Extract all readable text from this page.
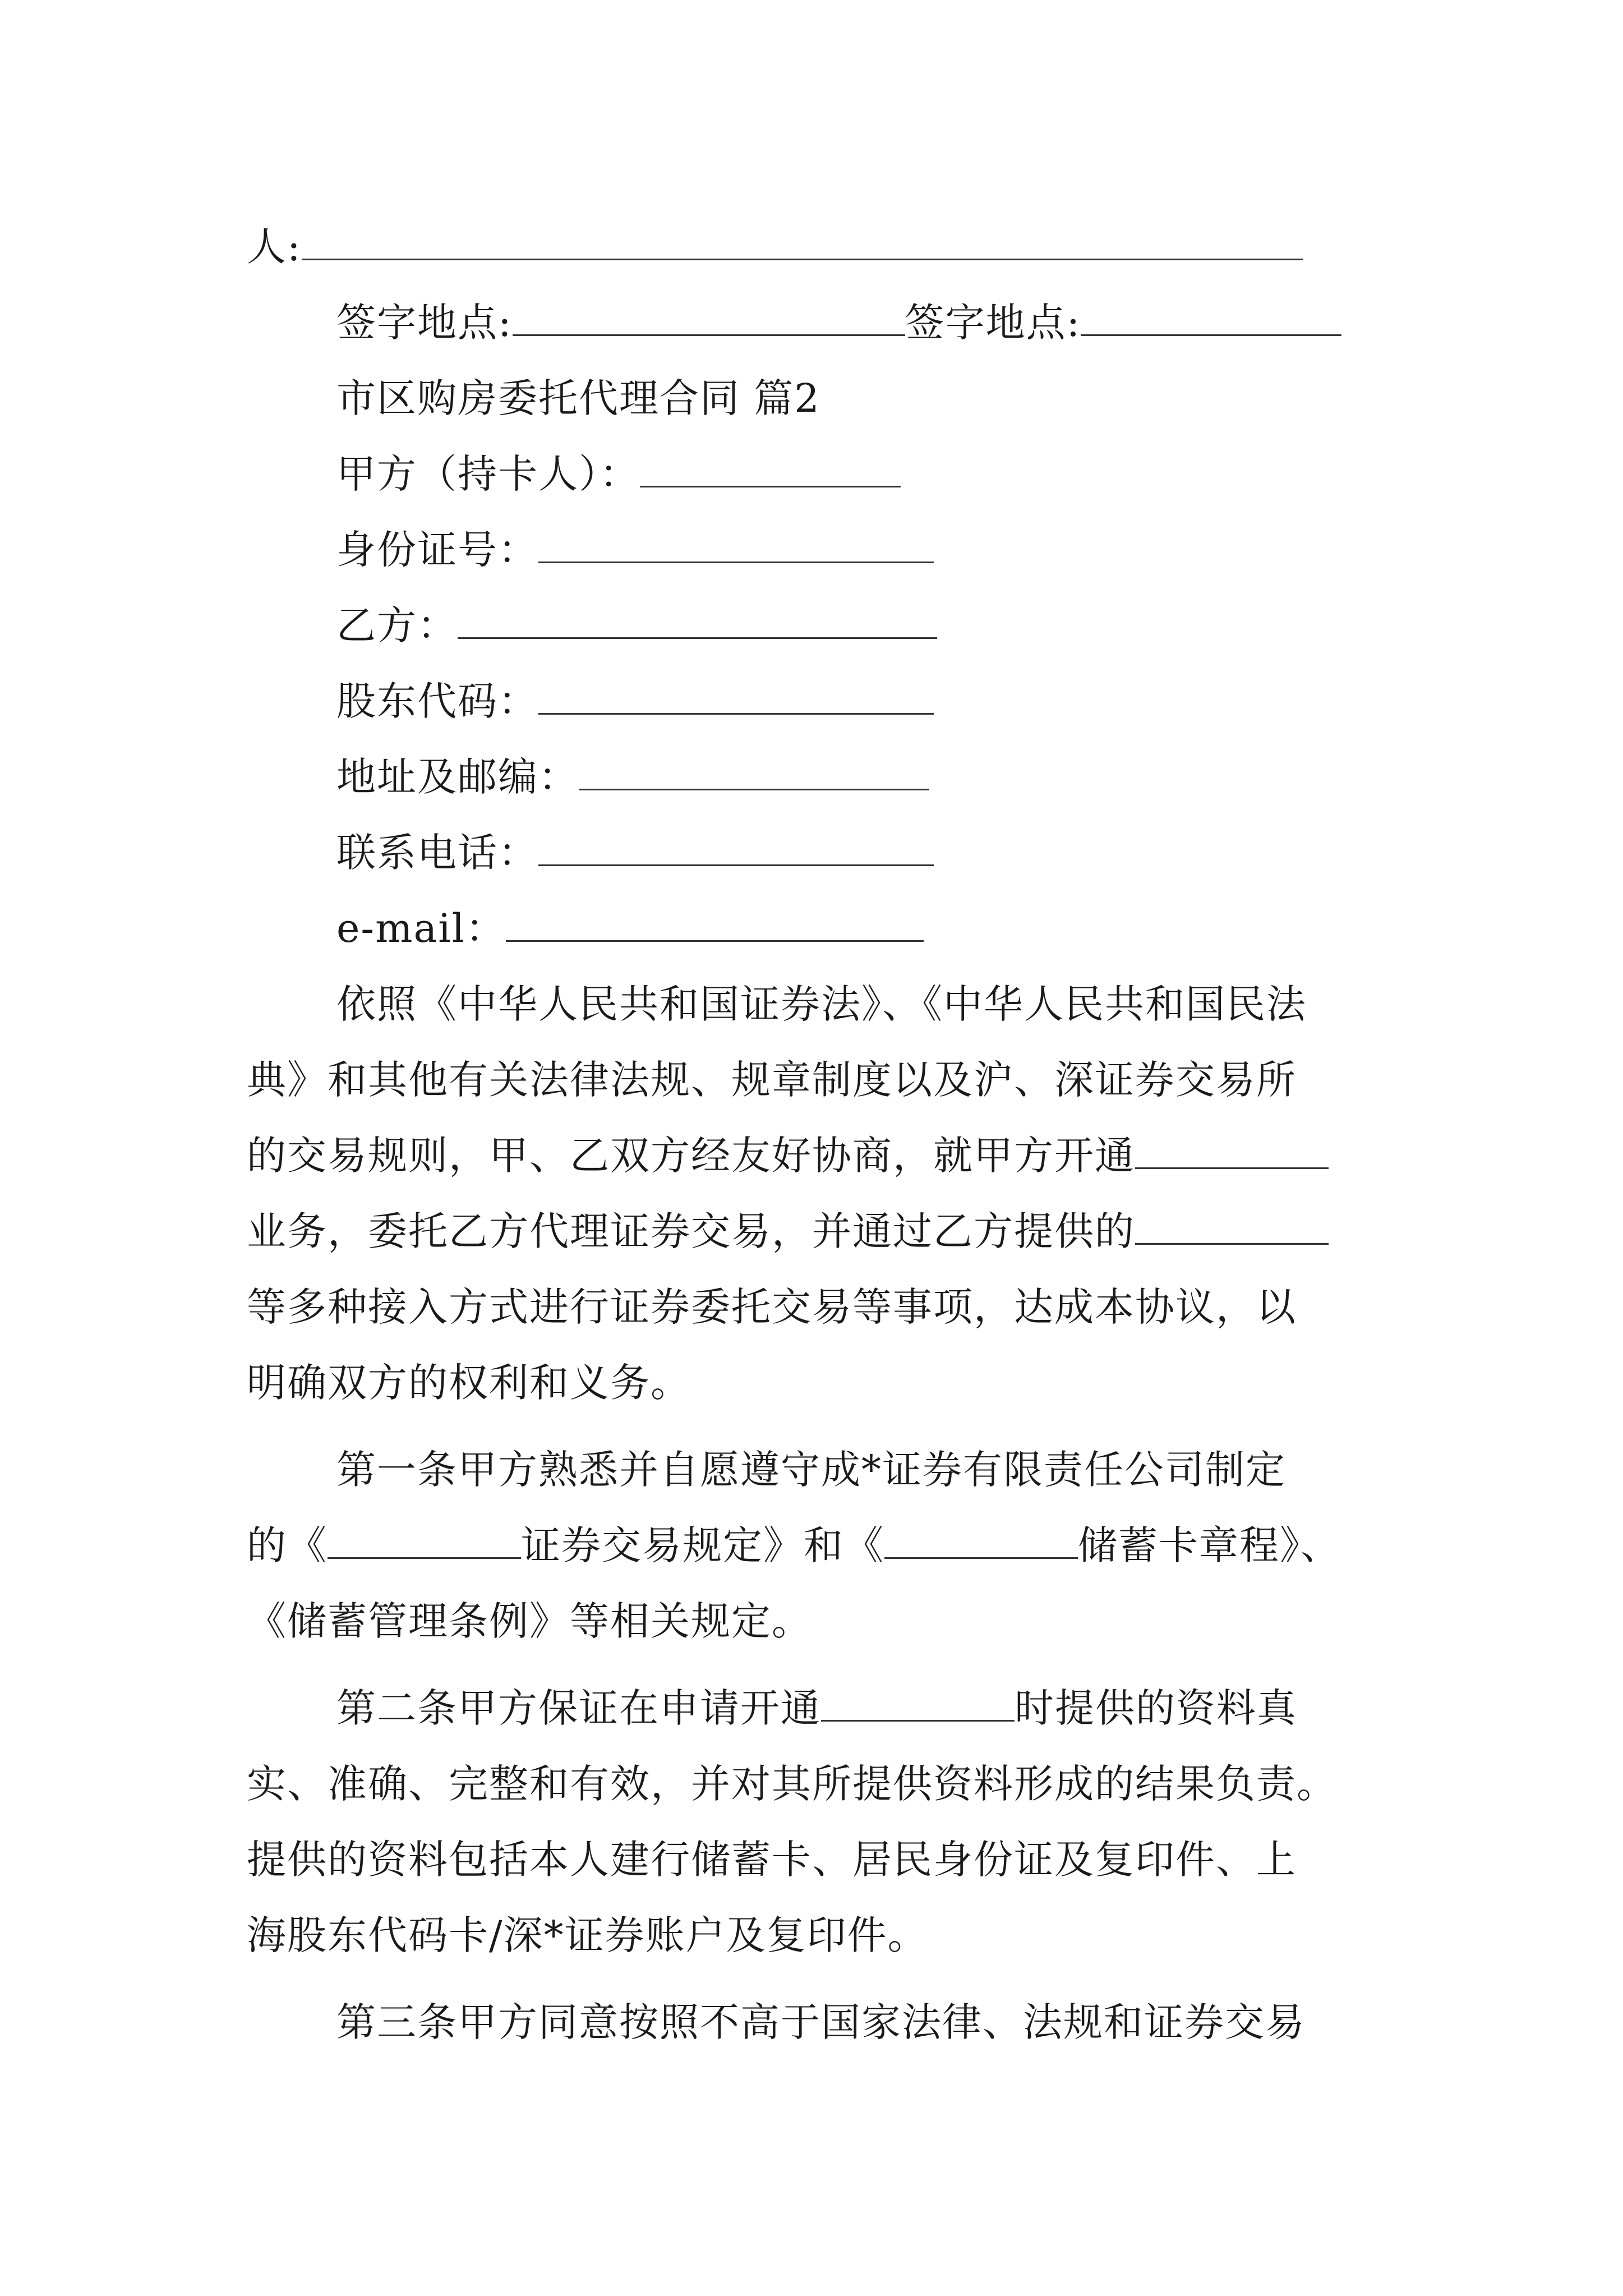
人:
签字地点:	签字地点:
市区购房委托代理合同 篇2
甲方（持卡人）：
身份证号：
乙方：
股东代码：
地址及邮编：
联系电话：
e-mail：
依照《中华人民共和国证券法》、《中华人民共和国民法
典》和其他有关法律法规、规章制度以及沪、深证券交易所
的交易规则，甲、乙双方经友好协商，就甲方开通
业务，委托乙方代理证券交易，并通过乙方提供的
等多种接入方式进行证券委托交易等事项，达成本协议，以
明确双方的权利和义务。
第一条甲方熟悉并自愿遵守成*证券有限责任公司制定
的《	证券交易规定》和《	储蓄卡章程》、
《储蓄管理条例》等相关规定。
第二条甲方保证在申请开通	时提供的资料真
实、准确、完整和有效，并对其所提供资料形成的结果负责。
提供的资料包括本人建行储蓄卡、居民身份证及复印件、上
海股东代码卡/深*证券账户及复印件。
第三条甲方同意按照不高于国家法律、法规和证券交易
